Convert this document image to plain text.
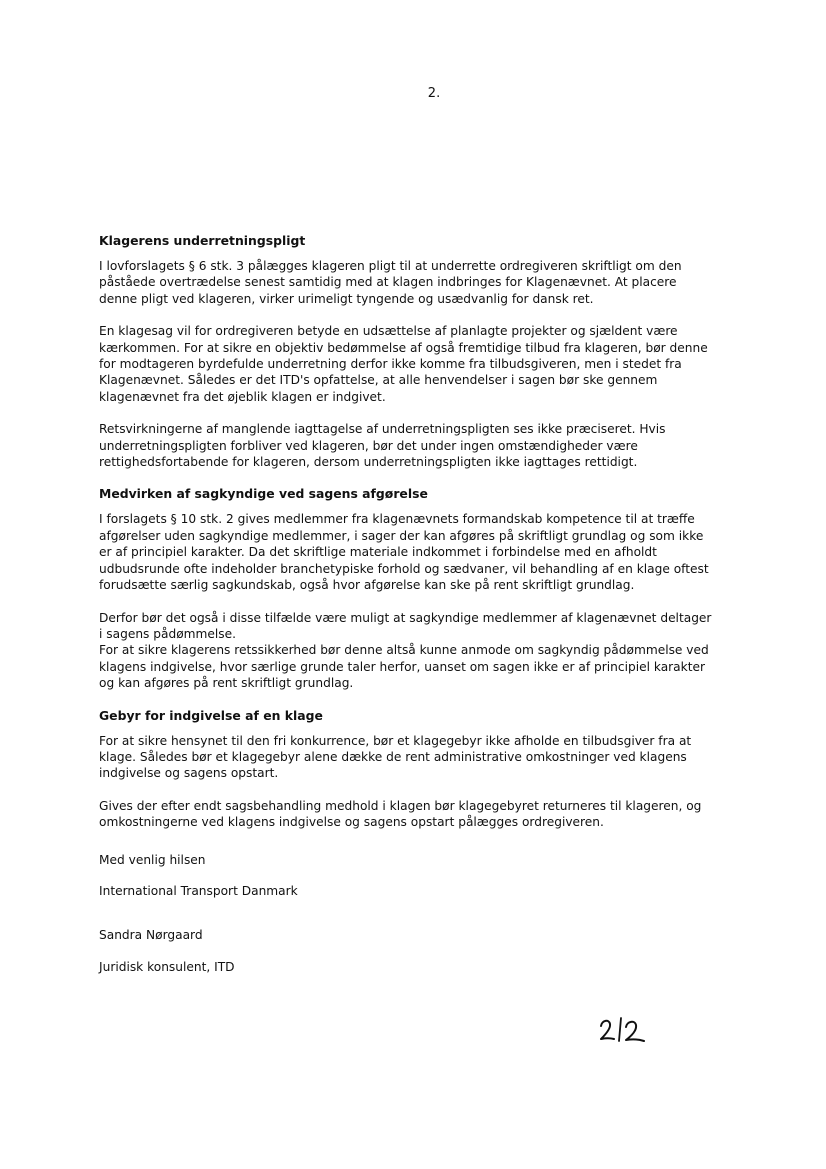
2.
Klagerens underretningspligt

I lovforslagets § 6 stk. 3 pålægges klageren pligt til at underrette ordregiveren skriftligt om den
påståede overtrædelse senest samtidig med at klagen indbringes for Klagenævnet. At placere
denne pligt ved klageren, virker urimeligt tyngende og usædvanlig for dansk ret.

En klagesag vil for ordregiveren betyde en udsættelse af planlagte projekter og sjældent være
kærkommen. For at sikre en objektiv bedømmelse af også fremtidige tilbud fra klageren, bør denne
for modtageren byrdefulde underretning derfor ikke komme fra tilbudsgiveren, men i stedet fra
Klagenævnet. Således er det ITD's opfattelse, at alle henvendelser i sagen bør ske gennem
klagenævnet fra det øjeblik klagen er indgivet.

Retsvirkningerne af manglende iagttagelse af underretningspligten ses ikke præciseret. Hvis
underretningspligten forbliver ved klageren, bør det under ingen omstændigheder være
rettighedsfortabende for klageren, dersom underretningspligten ikke iagttages rettidigt.

Medvirken af sagkyndige ved sagens afgørelse

I forslagets § 10 stk. 2 gives medlemmer fra klagenævnets formandskab kompetence til at træffe
afgørelser uden sagkyndige medlemmer, i sager der kan afgøres på skriftligt grundlag og som ikke
er af principiel karakter. Da det skriftlige materiale indkommet i forbindelse med en afholdt
udbudsrunde ofte indeholder branchetypiske forhold og sædvaner, vil behandling af en klage oftest
forudsætte særlig sagkundskab, også hvor afgørelse kan ske på rent skriftligt grundlag.

Derfor bør det også i disse tilfælde være muligt at sagkyndige medlemmer af klagenævnet deltager
i sagens pådømmelse.
For at sikre klagerens retssikkerhed bør denne altså kunne anmode om sagkyndig pådømmelse ved
klagens indgivelse, hvor særlige grunde taler herfor, uanset om sagen ikke er af principiel karakter
og kan afgøres på rent skriftligt grundlag.

Gebyr for indgivelse af en klage

For at sikre hensynet til den fri konkurrence, bør et klagegebyr ikke afholde en tilbudsgiver fra at
klage. Således bør et klagegebyr alene dække de rent administrative omkostninger ved klagens
indgivelse og sagens opstart.

Gives der efter endt sagsbehandling medhold i klagen bør klagegebyret returneres til klageren, og
omkostningerne ved klagens indgivelse og sagens opstart pålægges ordregiveren.

Med venlig hilsen

International Transport Danmark

Sandra Nørgaard

Juridisk konsulent, ITD
